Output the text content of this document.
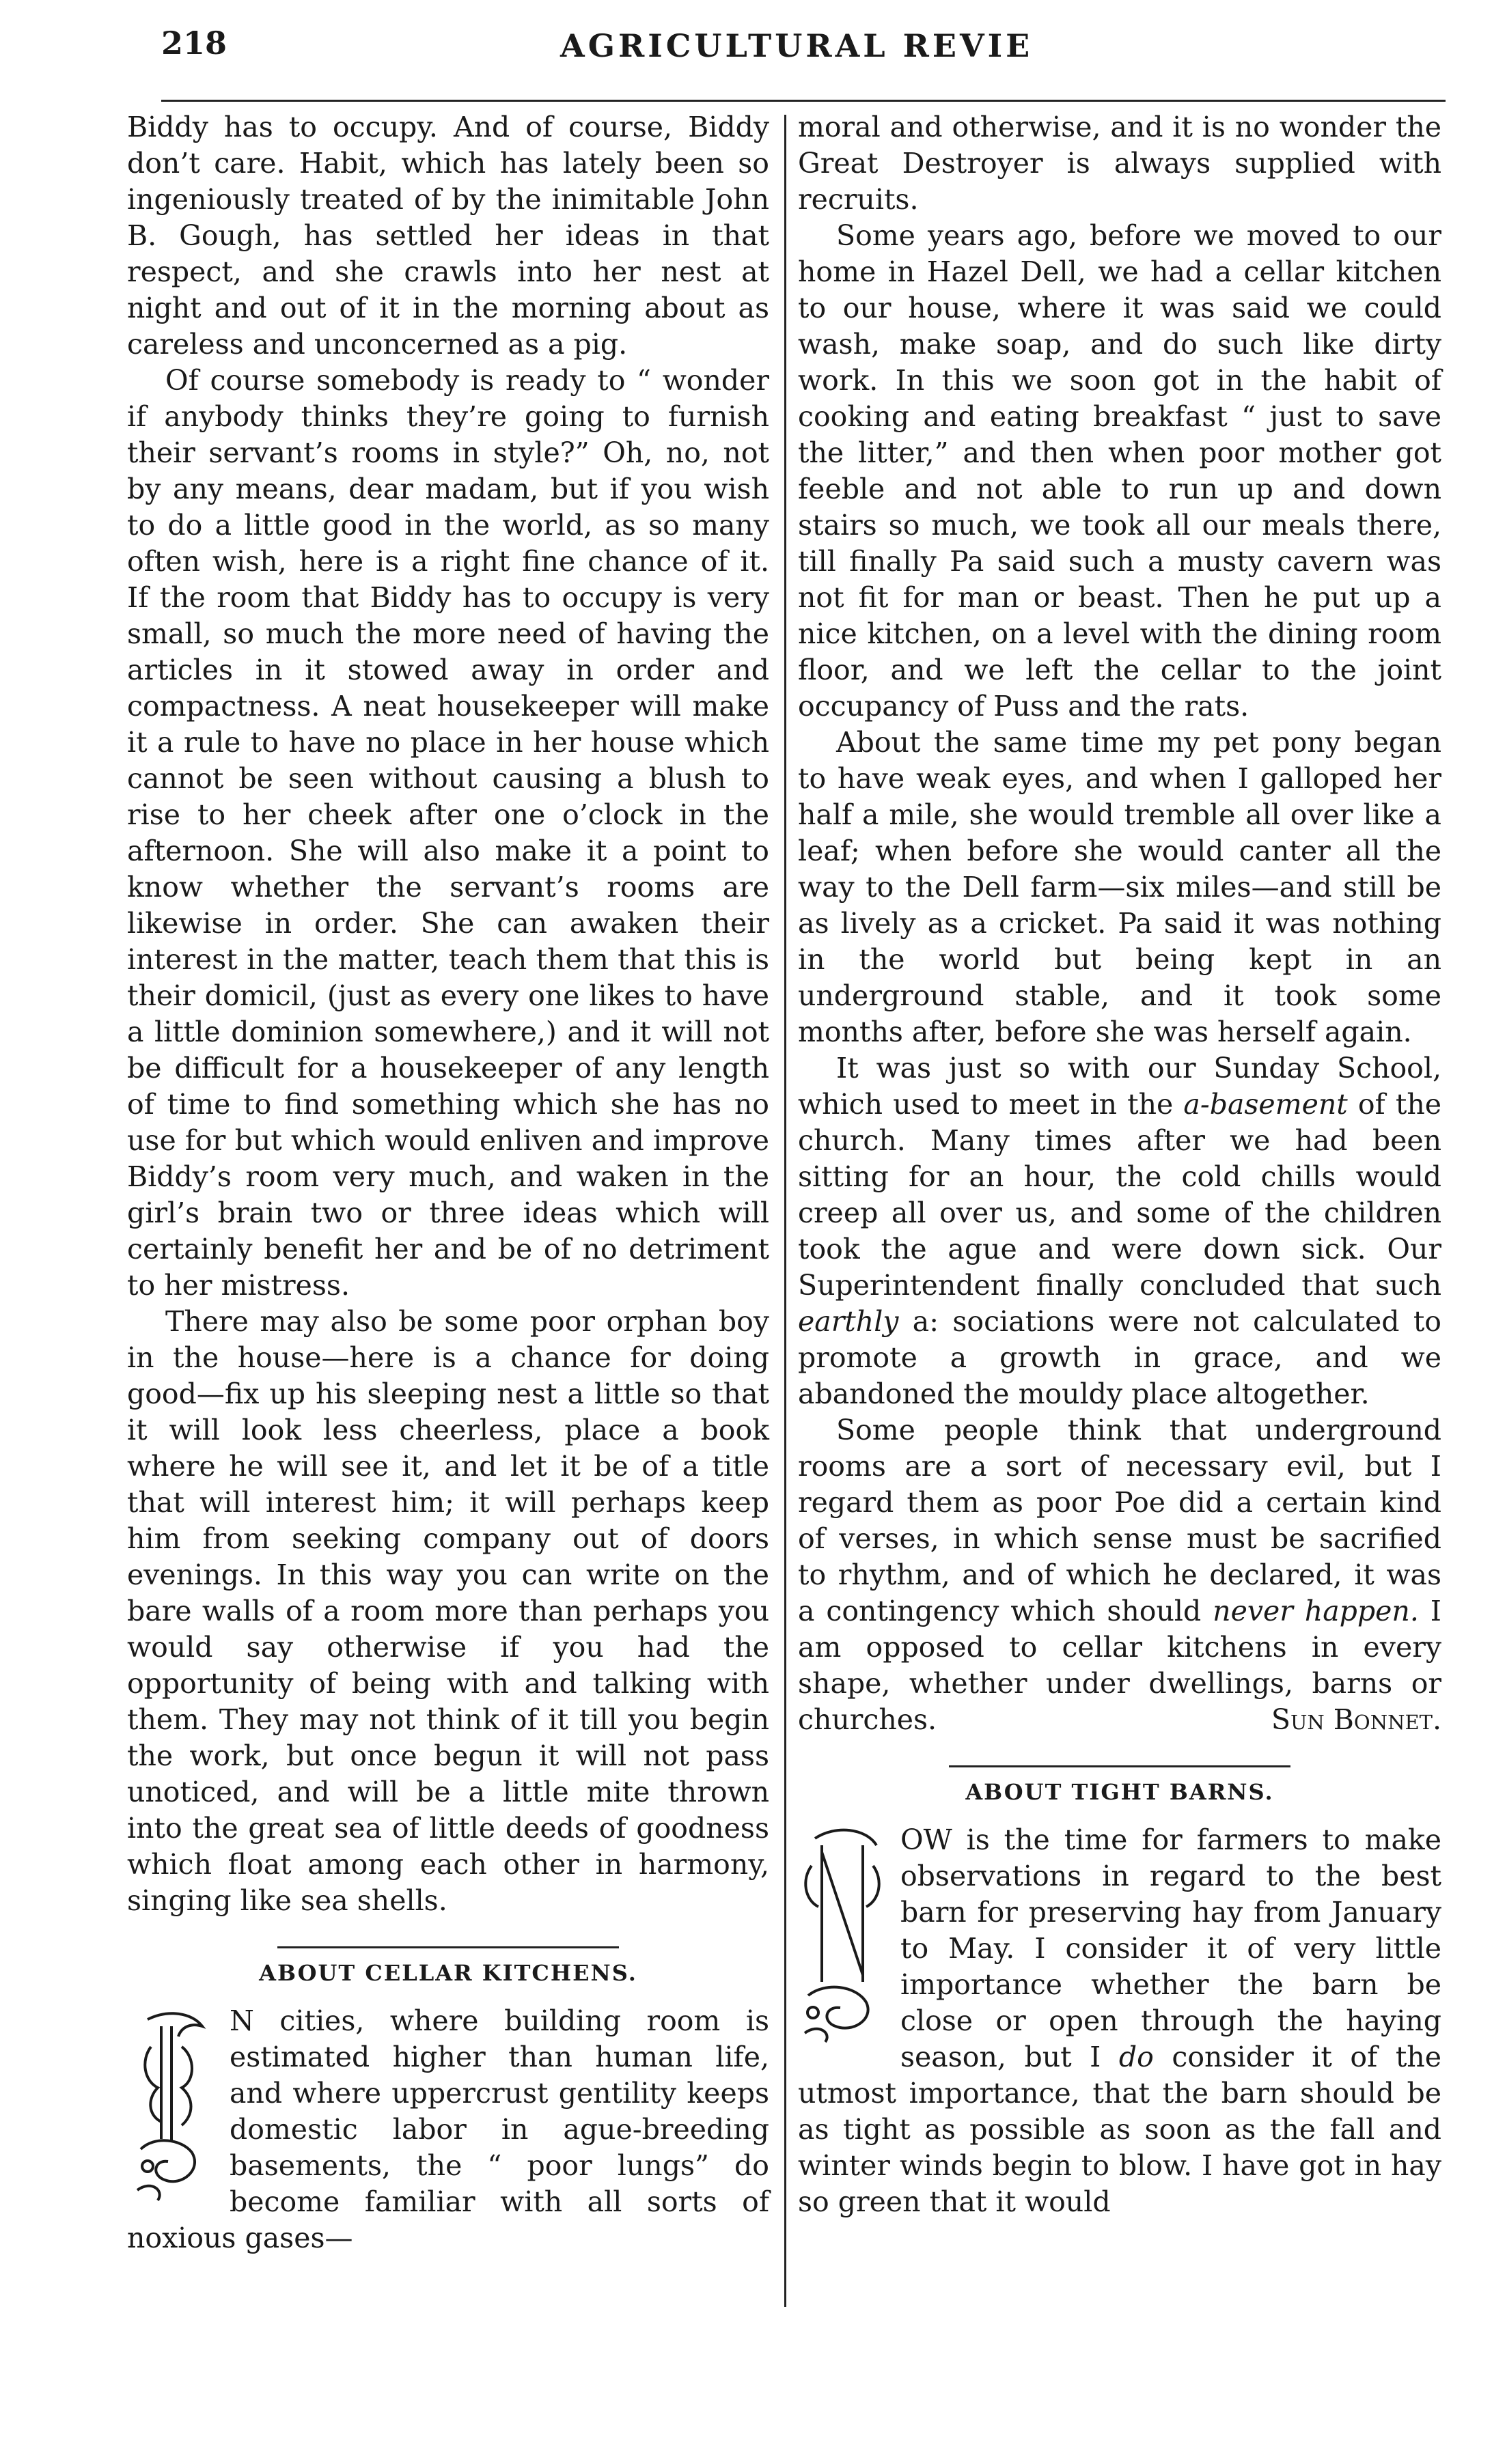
218	AGRICULTURAL REVIE

Biddy has to occupy. And of course, Biddy don’t care. Habit, which has lately been so ingeniously treated of by the inimitable John B. Gough, has settled her ideas in that respect, and she crawls into her nest at night and out of it in the morning about as careless and unconcerned as a pig.

Of course somebody is ready to “ wonder if anybody thinks they’re going to furnish their servant’s rooms in style?” Oh, no, not by any means, dear madam, but if you wish to do a little good in the world, as so many often wish, here is a right fine chance of it. If the room that Biddy has to occupy is very small, so much the more need of having the articles in it stowed away in order and compactness. A neat housekeeper will make it a rule to have no place in her house which cannot be seen without causing a blush to rise to her cheek after one o’clock in the afternoon. She will also make it a point to know whether the servant’s rooms are likewise in order. She can awaken their interest in the matter, teach them that this is their domicil, (just as every one likes to have a little dominion somewhere,) and it will not be difficult for a housekeeper of any length of time to find something which she has no use for but which would enliven and improve Biddy’s room very much, and waken in the girl’s brain two or three ideas which will certainly benefit her and be of no detriment to her mistress.

There may also be some poor orphan boy in the house—here is a chance for doing good—fix up his sleeping nest a little so that it will look less cheerless, place a book where he will see it, and let it be of a title that will interest him; it will perhaps keep him from seeking company out of doors evenings. In this way you can write on the bare walls of a room more than perhaps you would say otherwise if you had the opportunity of being with and talking with them. They may not think of it till you begin the work, but once begun it will not pass unoticed, and will be a little mite thrown into the great sea of little deeds of goodness which float among each other in harmony, singing like sea shells.

ABOUT CELLAR KITCHENS.

N cities, where building room is estimated higher than human life, and where uppercrust gentility keeps domestic labor in ague-breeding basements, the “ poor lungs” do become familiar with all sorts of noxious gases—

moral and otherwise, and it is no wonder the Great Destroyer is always supplied with recruits.

Some years ago, before we moved to our home in Hazel Dell, we had a cellar kitchen to our house, where it was said we could wash, make soap, and do such like dirty work. In this we soon got in the habit of cooking and eating breakfast “ just to save the litter,” and then when poor mother got feeble and not able to run up and down stairs so much, we took all our meals there, till finally Pa said such a musty cavern was not fit for man or beast. Then he put up a nice kitchen, on a level with the dining room floor, and we left the cellar to the joint occupancy of Puss and the rats.

About the same time my pet pony began to have weak eyes, and when I galloped her half a mile, she would tremble all over like a leaf; when before she would canter all the way to the Dell farm—six miles—and still be as lively as a cricket. Pa said it was nothing in the world but being kept in an underground stable, and it took some months after, before she was herself again.

It was just so with our Sunday School, which used to meet in the a-basement of the church. Many times after we had been sitting for an hour, the cold chills would creep all over us, and some of the children took the ague and were down sick. Our Superintendent finally concluded that such earthly a: sociations were not calculated to promote a growth in grace, and we abandoned the mouldy place altogether.

Some people think that underground rooms are a sort of necessary evil, but I regard them as poor Poe did a certain kind of verses, in which sense must be sacrified to rhythm, and of which he declared, it was a contingency which should never happen. I am opposed to cellar kitchens in every shape, whether under dwellings, barns or churches.	Sun Bonnet.

ABOUT TIGHT BARNS.

OW is the time for farmers to make observations in regard to the best barn for preserving hay from January to May. I consider it of very little importance whether the barn be close or open through the haying season, but I do consider it of the utmost importance, that the barn should be as tight as possible as soon as the fall and winter winds begin to blow. I have got in hay so green that it would
